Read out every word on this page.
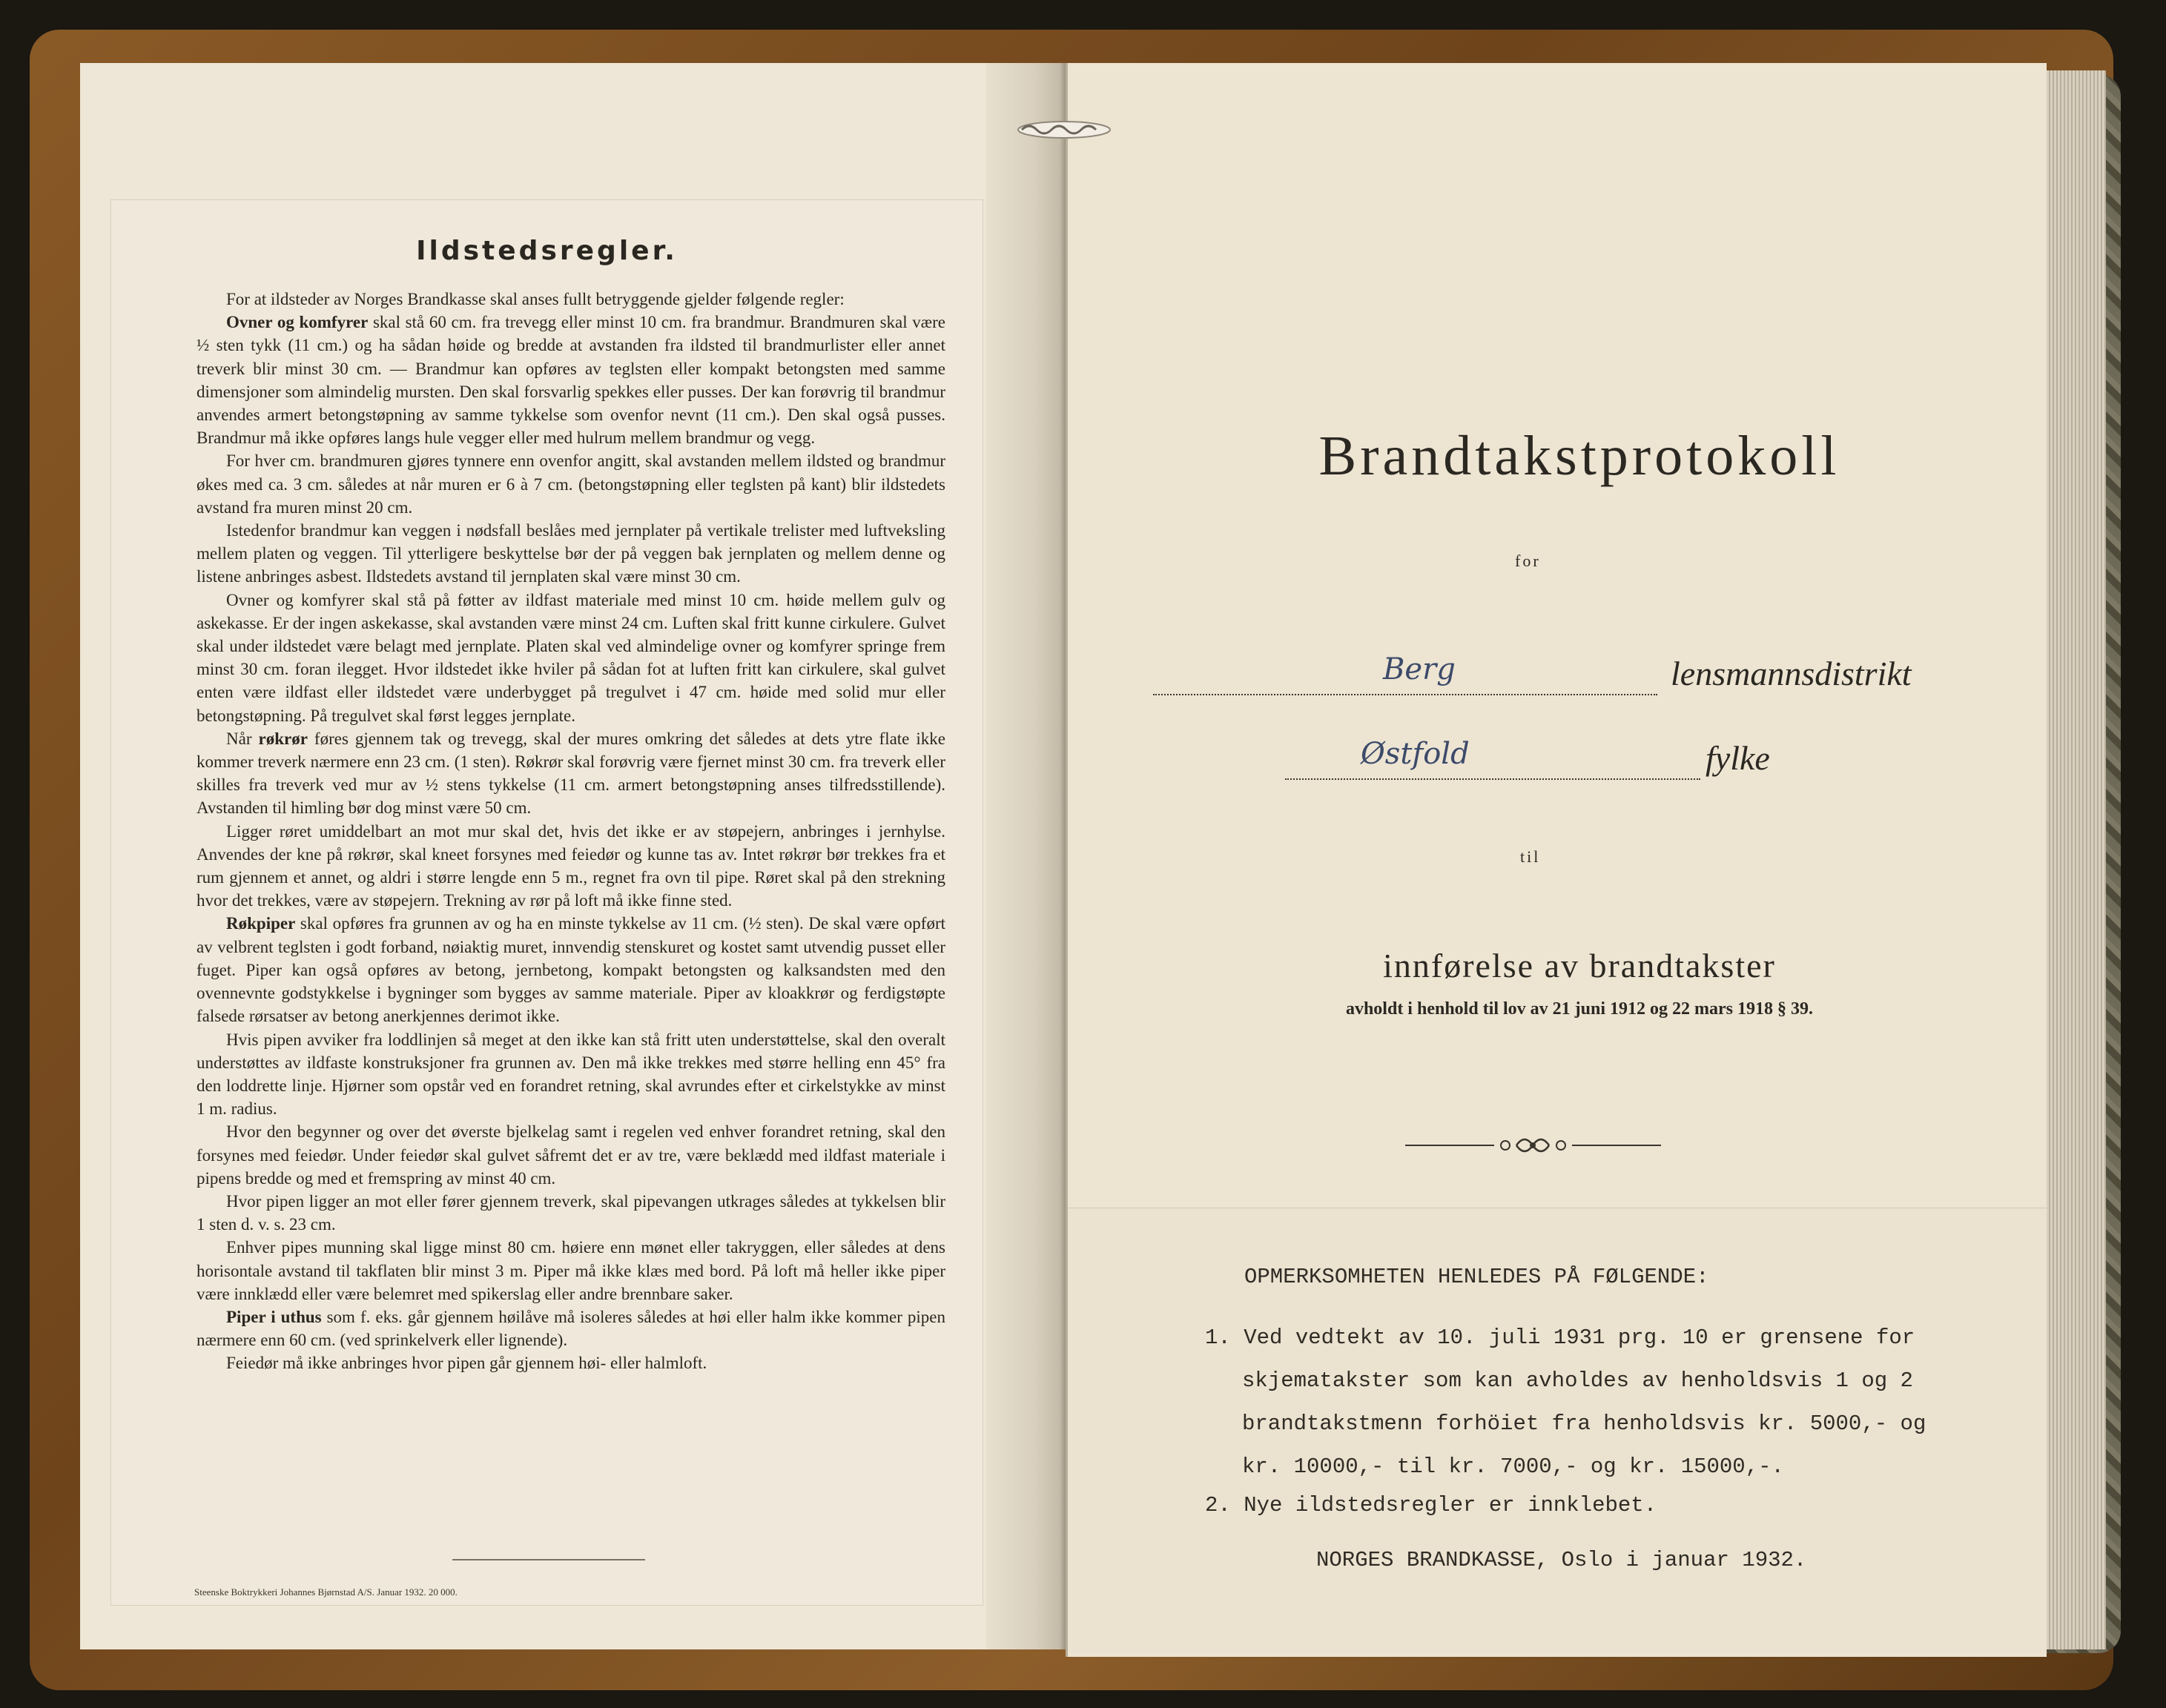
Ildstedsregler.

For at ildsteder av Norges Brandkasse skal anses fullt betryggende gjelder følgende regler:

Ovner og komfyrer skal stå 60 cm. fra trevegg eller minst 10 cm. fra brandmur. Brandmuren skal være ½ sten tykk (11 cm.) og ha sådan høide og bredde at avstanden fra ildsted til brandmurlister eller annet treverk blir minst 30 cm. — Brandmur kan opføres av teglsten eller kompakt betongsten med samme dimensjoner som almindelig mursten. Den skal forsvarlig spekkes eller pusses. Der kan forøvrig til brandmur anvendes armert betongstøpning av samme tykkelse som ovenfor nevnt (11 cm.). Den skal også pusses. Brandmur må ikke opføres langs hule vegger eller med hulrum mellem brandmur og vegg.

For hver cm. brandmuren gjøres tynnere enn ovenfor angitt, skal avstanden mellem ildsted og brandmur økes med ca. 3 cm. således at når muren er 6 à 7 cm. (betongstøpning eller teglsten på kant) blir ildstedets avstand fra muren minst 20 cm.

Istedenfor brandmur kan veggen i nødsfall beslåes med jernplater på vertikale trelister med luftveksling mellem platen og veggen. Til ytterligere beskyttelse bør der på veggen bak jernplaten og mellem denne og listene anbringes asbest. Ildstedets avstand til jernplaten skal være minst 30 cm.

Ovner og komfyrer skal stå på føtter av ildfast materiale med minst 10 cm. høide mellem gulv og askekasse. Er der ingen askekasse, skal avstanden være minst 24 cm. Luften skal fritt kunne cirkulere. Gulvet skal under ildstedet være belagt med jernplate. Platen skal ved almindelige ovner og komfyrer springe frem minst 30 cm. foran ilegget. Hvor ildstedet ikke hviler på sådan fot at luften fritt kan cirkulere, skal gulvet enten være ildfast eller ildstedet være underbygget på tregulvet i 47 cm. høide med solid mur eller betongstøpning. På tregulvet skal først legges jernplate.

Når røkrør føres gjennem tak og trevegg, skal der mures omkring det således at dets ytre flate ikke kommer treverk nærmere enn 23 cm. (1 sten). Røkrør skal forøvrig være fjernet minst 30 cm. fra treverk eller skilles fra treverk ved mur av ½ stens tykkelse (11 cm. armert betongstøpning anses tilfredsstillende). Avstanden til himling bør dog minst være 50 cm.

Ligger røret umiddelbart an mot mur skal det, hvis det ikke er av støpejern, anbringes i jernhylse. Anvendes der kne på røkrør, skal kneet forsynes med feiedør og kunne tas av. Intet røkrør bør trekkes fra et rum gjennem et annet, og aldri i større lengde enn 5 m., regnet fra ovn til pipe. Røret skal på den strekning hvor det trekkes, være av støpejern. Trekning av rør på loft må ikke finne sted.

Røkpiper skal opføres fra grunnen av og ha en minste tykkelse av 11 cm. (½ sten). De skal være opført av velbrent teglsten i godt forband, nøiaktig muret, innvendig stenskuret og kostet samt utvendig pusset eller fuget. Piper kan også opføres av betong, jernbetong, kompakt betongsten og kalksandsten med den ovennevnte godstykkelse i bygninger som bygges av samme materiale. Piper av kloakkrør og ferdigstøpte falsede rørsatser av betong anerkjennes derimot ikke.

Hvis pipen avviker fra loddlinjen så meget at den ikke kan stå fritt uten understøttelse, skal den overalt understøttes av ildfaste konstruksjoner fra grunnen av. Den må ikke trekkes med større helling enn 45° fra den loddrette linje. Hjørner som opstår ved en forandret retning, skal avrundes efter et cirkelstykke av minst 1 m. radius.

Hvor den begynner og over det øverste bjelkelag samt i regelen ved enhver forandret retning, skal den forsynes med feiedør. Under feiedør skal gulvet såfremt det er av tre, være beklædd med ildfast materiale i pipens bredde og med et fremspring av minst 40 cm.

Hvor pipen ligger an mot eller fører gjennem treverk, skal pipevangen utkrages således at tykkelsen blir 1 sten d. v. s. 23 cm.

Enhver pipes munning skal ligge minst 80 cm. høiere enn mønet eller takryggen, eller således at dens horisontale avstand til takflaten blir minst 3 m. Piper må ikke klæs med bord. På loft må heller ikke piper være innklædd eller være belemret med spikerslag eller andre brennbare saker.

Piper i uthus som f. eks. går gjennem høilåve må isoleres således at høi eller halm ikke kommer pipen nærmere enn 60 cm. (ved sprinkelverk eller lignende).

Feiedør må ikke anbringes hvor pipen går gjennem høi- eller halmloft.

Steenske Boktrykkeri Johannes Bjørnstad A/S. Januar 1932. 20 000.
Brandtakstprotokoll
for
Berg	lensmannsdistrikt
Østfold	fylke
til
innførelse av brandtakster
avholdt i henhold til lov av 21 juni 1912 og 22 mars 1918 § 39.
OPMERKSOMHETEN HENLEDES PÅ FØLGENDE:
1. Ved vedtekt av 10. juli 1931 prg. 10 er grensene for
skjematakster som kan avholdes av henholdsvis 1 og 2
brandtakstmenn forhöiet fra henholdsvis kr. 5000,- og
kr. 10000,- til kr. 7000,- og kr. 15000,-.
2. Nye ildstedsregler er innklebet.
NORGES BRANDKASSE, Oslo i januar 1932.
